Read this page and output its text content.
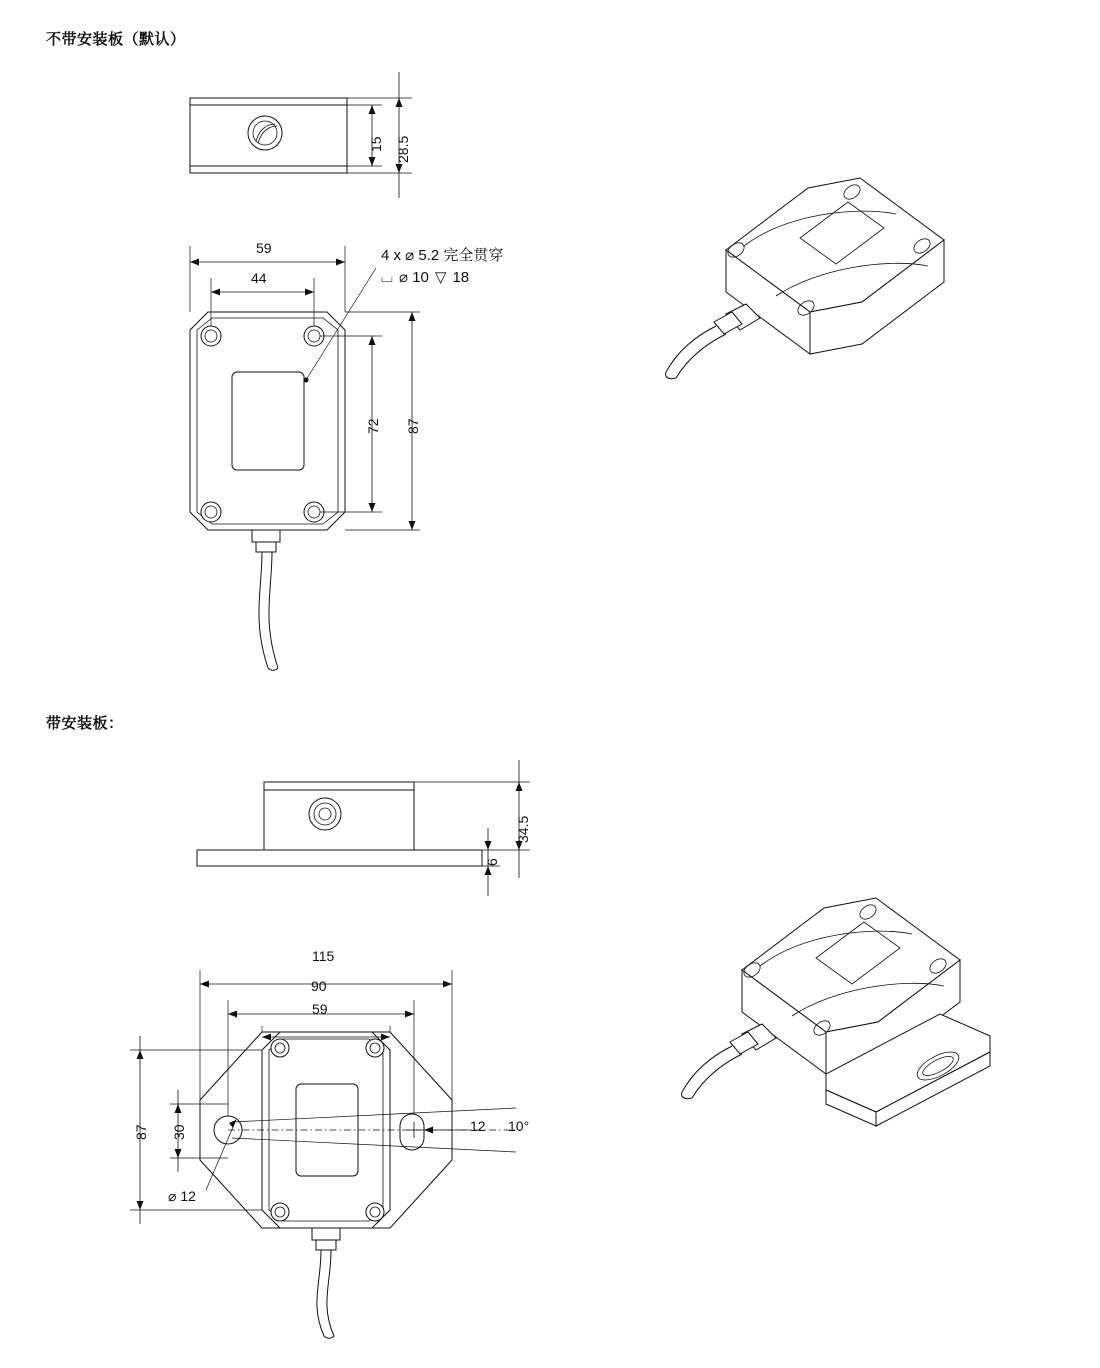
不带安装板（默认）
15 28.5
59
44
72 87
4 x ⌀ 5.2 完全贯穿
⌴ ⌀ 10 ▽ 18
带安装板：
34.5
6
115
90
59
87 30
⌀ 12
12 10°
